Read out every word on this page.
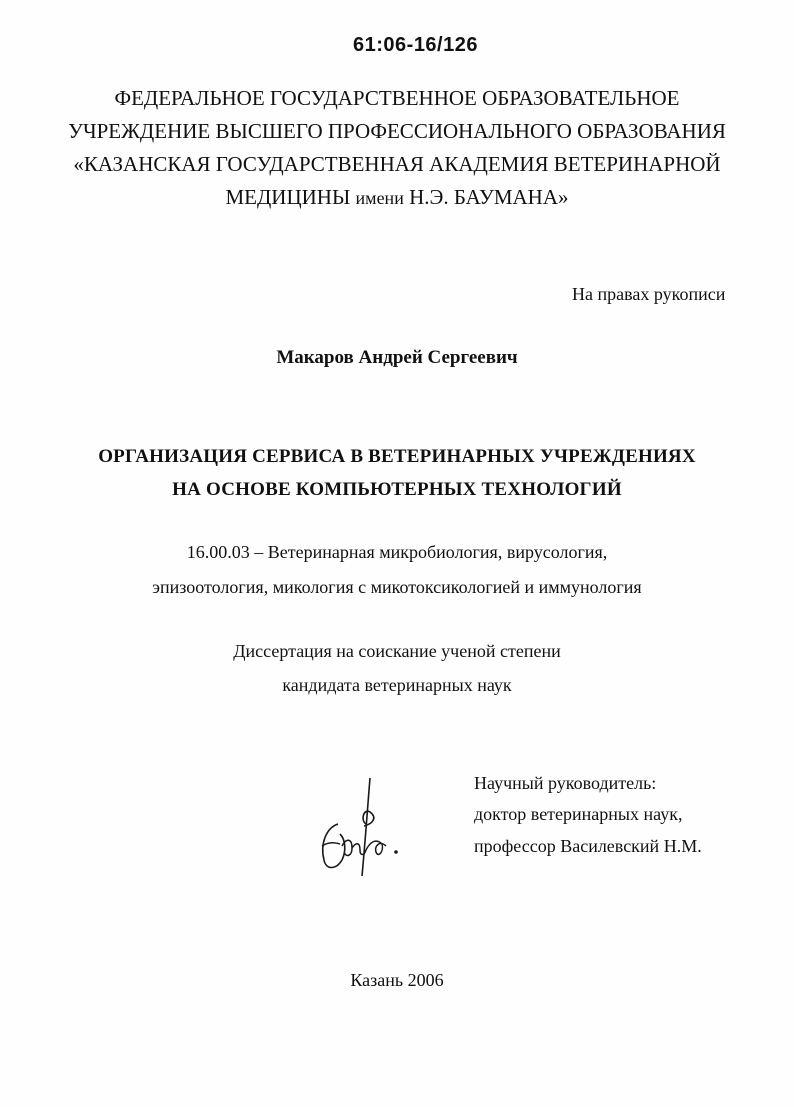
61:06-16/126
ФЕДЕРАЛЬНОЕ ГОСУДАРСТВЕННОЕ ОБРАЗОВАТЕЛЬНОЕ
УЧРЕЖДЕНИЕ ВЫСШЕГО ПРОФЕССИОНАЛЬНОГО ОБРАЗОВАНИЯ
«КАЗАНСКАЯ ГОСУДАРСТВЕННАЯ АКАДЕМИЯ ВЕТЕРИНАРНОЙ
МЕДИЦИНЫ имени Н.Э. БАУМАНА»
На правах рукописи
Макаров Андрей Сергеевич
ОРГАНИЗАЦИЯ СЕРВИСА В ВЕТЕРИНАРНЫХ УЧРЕЖДЕНИЯХ
НА ОСНОВЕ КОМПЬЮТЕРНЫХ ТЕХНОЛОГИЙ
16.00.03 – Ветеринарная микробиология, вирусология,
эпизоотология, микология с микотоксикологией и иммунология
Диссертация на соискание ученой степени
кандидата ветеринарных наук
Научный руководитель:
доктор ветеринарных наук,
профессор Василевский Н.М.
Казань 2006
